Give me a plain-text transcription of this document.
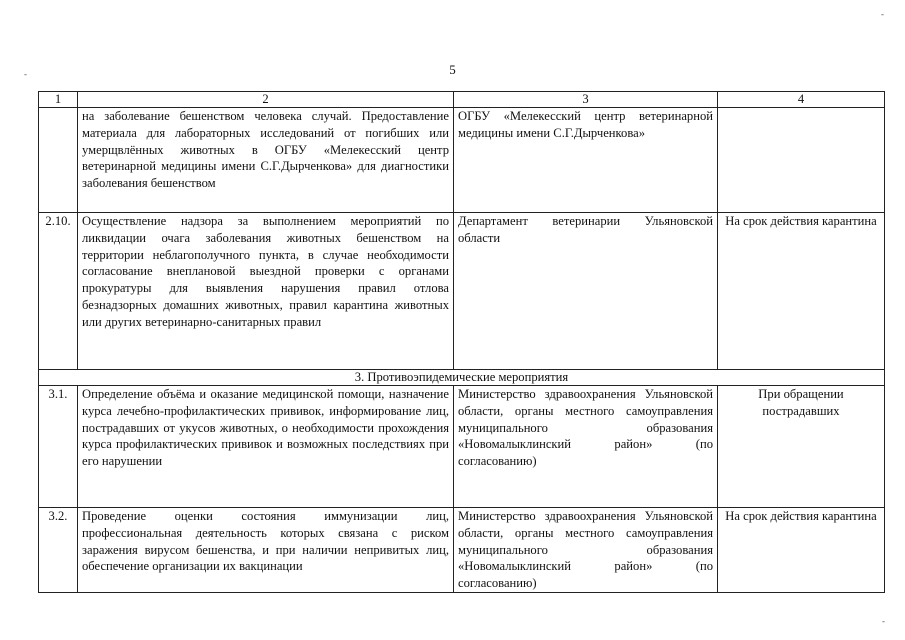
-
-
-
5
1	2	3	4
	на заболевание бешенством человека случай. Предоставление материала для лабораторных исследований от погибших или умерщвлённых животных в ОГБУ «Мелекесский центр ветеринарной медицины имени С.Г.Дырченкова» для диагностики заболевания бешенством	ОГБУ «Мелекесский центр ветеринарной медицины имени С.Г.Дырченкова»	
2.10.	Осуществление надзора за выполнением мероприятий по ликвидации очага заболевания животных бешенством на территории неблагополучного пункта, в случае необходимости согласование внеплановой выездной проверки с органами прокуратуры для выявления нарушения правил отлова безнадзорных домашних животных, правил карантина животных или других ветеринарно-санитарных правил	Департамент ветеринарии Ульяновской области	На срок действия карантина
3. Противоэпидемические мероприятия			
3.1.	Определение объёма и оказание медицинской помощи, назначение курса лечебно-профилактических прививок, информирование лиц, пострадавших от укусов животных, о необходимости прохождения курса профилактических прививок и возможных последствиях при его нарушении	Министерство здравоохранения Ульяновской области, органы местного самоуправления муниципального образования «Новомалыклинский район» (по согласованию)	При обращении пострадавших
3.2.	Проведение оценки состояния иммунизации лиц, профессиональная деятельность которых связана с риском заражения вирусом бешенства, и при наличии непривитых лиц, обеспечение организации их вакцинации	Министерство здравоохранения Ульяновской области, органы местного самоуправления муниципального образования «Новомалыклинский район» (по согласованию)	На срок действия карантина
